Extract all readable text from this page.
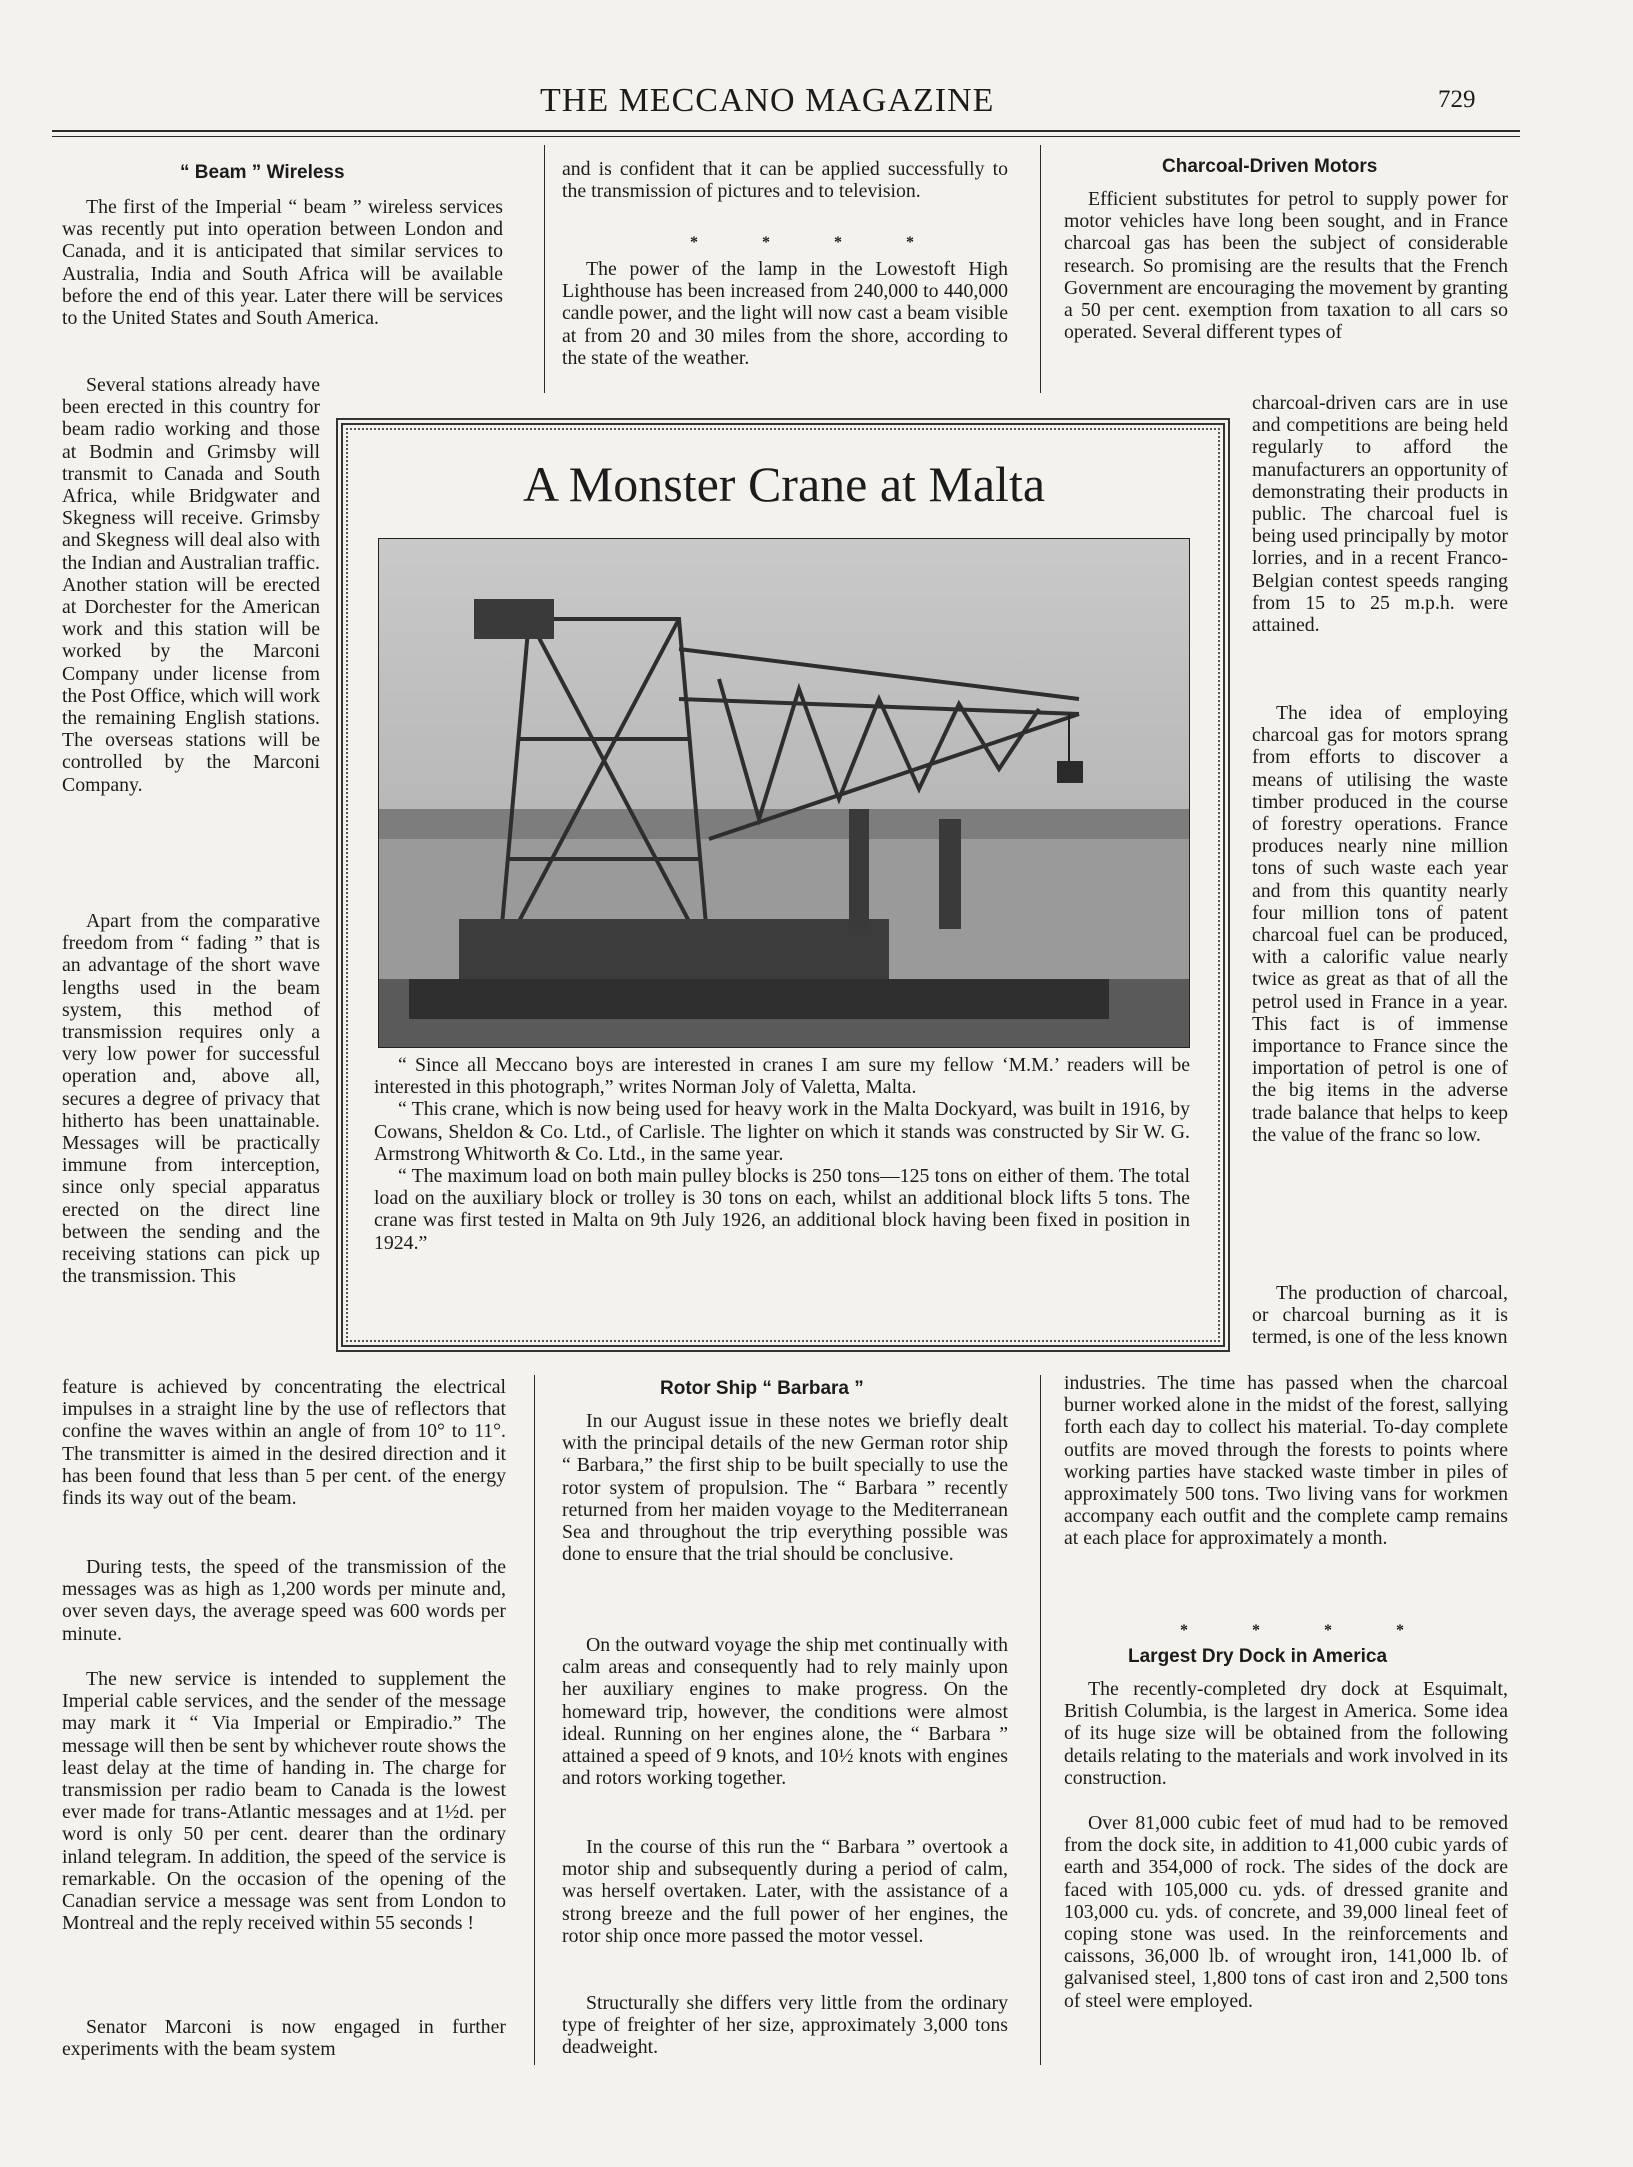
THE MECCANO MAGAZINE	729
“ Beam ” Wireless

The first of the Imperial “ beam ” wireless services was recently put into operation between London and Canada, and it is anticipated that similar services to Australia, India and South Africa will be available before the end of this year. Later there will be services to the United States and South America.

Several stations already have been erected in this country for beam radio working and those at Bodmin and Grimsby will transmit to Canada and South Africa, while Bridgwater and Skegness will receive. Grimsby and Skegness will deal also with the Indian and Australian traffic. Another station will be erected at Dorchester for the American work and this station will be worked by the Marconi Company under license from the Post Office, which will work the remaining English stations. The overseas stations will be controlled by the Marconi Company.

Apart from the comparative freedom from “ fading ” that is an advantage of the short wave lengths used in the beam system, this method of transmission requires only a very low power for successful operation and, above all, secures a degree of privacy that hitherto has been unattainable. Messages will be practically immune from interception, since only special apparatus erected on the direct line between the sending and the receiving stations can pick up the transmission. This

feature is achieved by concentrating the electrical impulses in a straight line by the use of reflectors that confine the waves within an angle of from 10° to 11°. The transmitter is aimed in the desired direction and it has been found that less than 5 per cent. of the energy finds its way out of the beam.

During tests, the speed of the transmission of the messages was as high as 1,200 words per minute and, over seven days, the average speed was 600 words per minute.

The new service is intended to supplement the Imperial cable services, and the sender of the message may mark it “ Via Imperial or Empiradio.” The message will then be sent by whichever route shows the least delay at the time of handing in. The charge for transmission per radio beam to Canada is the lowest ever made for trans-Atlantic messages and at 1½d. per word is only 50 per cent. dearer than the ordinary inland telegram. In addition, the speed of the service is remarkable. On the occasion of the opening of the Canadian service a message was sent from London to Montreal and the reply received within 55 seconds !

Senator Marconi is now engaged in further experiments with the beam system

and is confident that it can be applied successfully to the transmission of pictures and to television.

* * * *

The power of the lamp in the Lowestoft High Lighthouse has been increased from 240,000 to 440,000 candle power, and the light will now cast a beam visible at from 20 and 30 miles from the shore, according to the state of the weather.

Charcoal-Driven Motors

Efficient substitutes for petrol to supply power for motor vehicles have long been sought, and in France charcoal gas has been the subject of considerable research. So promising are the results that the French Government are encouraging the movement by granting a 50 per cent. exemption from taxation to all cars so operated. Several different types of

charcoal-driven cars are in use and competitions are being held regularly to afford the manufacturers an opportunity of demonstrating their products in public. The charcoal fuel is being used principally by motor lorries, and in a recent Franco-Belgian contest speeds ranging from 15 to 25 m.p.h. were attained.

The idea of employing charcoal gas for motors sprang from efforts to discover a means of utilising the waste timber produced in the course of forestry operations. France produces nearly nine million tons of such waste each year and from this quantity nearly four million tons of patent charcoal fuel can be produced, with a calorific value nearly twice as great as that of all the petrol used in France in a year. This fact is of immense importance to France since the importation of petrol is one of the big items in the adverse trade balance that helps to keep the value of the franc so low.

The production of charcoal, or charcoal burning as it is termed, is one of the less known

industries. The time has passed when the charcoal burner worked alone in the midst of the forest, sallying forth each day to collect his material. To-day complete outfits are moved through the forests to points where working parties have stacked waste timber in piles of approximately 500 tons. Two living vans for workmen accompany each outfit and the complete camp remains at each place for approximately a month.

* * * *
Largest Dry Dock in America

The recently-completed dry dock at Esquimalt, British Columbia, is the largest in America. Some idea of its huge size will be obtained from the following details relating to the materials and work involved in its construction.

Over 81,000 cubic feet of mud had to be removed from the dock site, in addition to 41,000 cubic yards of earth and 354,000 of rock. The sides of the dock are faced with 105,000 cu. yds. of dressed granite and 103,000 cu. yds. of concrete, and 39,000 lineal feet of coping stone was used. In the reinforcements and caissons, 36,000 lb. of wrought iron, 141,000 lb. of galvanised steel, 1,800 tons of cast iron and 2,500 tons of steel were employed.

A Monster Crane at Malta

“ Since all Meccano boys are interested in cranes I am sure my fellow ‘M.M.’ readers will be interested in this photograph,” writes Norman Joly of Valetta, Malta.

“ This crane, which is now being used for heavy work in the Malta Dockyard, was built in 1916, by Cowans, Sheldon & Co. Ltd., of Carlisle. The lighter on which it stands was constructed by Sir W. G. Armstrong Whitworth & Co. Ltd., in the same year.

“ The maximum load on both main pulley blocks is 250 tons—125 tons on either of them. The total load on the auxiliary block or trolley is 30 tons on each, whilst an additional block lifts 5 tons. The crane was first tested in Malta on 9th July 1926, an additional block having been fixed in position in 1924.”

Rotor Ship “ Barbara ”

In our August issue in these notes we briefly dealt with the principal details of the new German rotor ship “ Barbara,” the first ship to be built specially to use the rotor system of propulsion. The “ Barbara ” recently returned from her maiden voyage to the Mediterranean Sea and throughout the trip everything possible was done to ensure that the trial should be conclusive.

On the outward voyage the ship met continually with calm areas and consequently had to rely mainly upon her auxiliary engines to make progress. On the homeward trip, however, the conditions were almost ideal. Running on her engines alone, the “ Barbara ” attained a speed of 9 knots, and 10½ knots with engines and rotors working together.

In the course of this run the “ Barbara ” overtook a motor ship and subsequently during a period of calm, was herself overtaken. Later, with the assistance of a strong breeze and the full power of her engines, the rotor ship once more passed the motor vessel.

Structurally she differs very little from the ordinary type of freighter of her size, approximately 3,000 tons deadweight.
